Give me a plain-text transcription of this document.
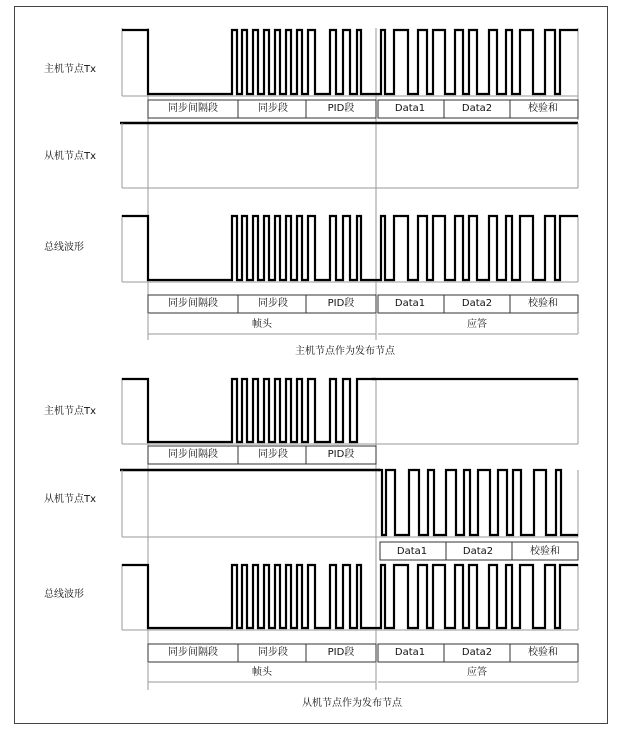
主机节点Tx
从机节点Tx
总线波形
主机节点Tx
从机节点Tx
总线波形
同步间隔段	同步段	PID段	Data1	Data2	校验和
同步间隔段	同步段	PID段	Data1	Data2	校验和
帧头	应答
主机节点作为发布节点
同步间隔段	同步段	PID段
Data1	Data2	校验和
同步间隔段	同步段	PID段	Data1	Data2	校验和
帧头	应答
从机节点作为发布节点
